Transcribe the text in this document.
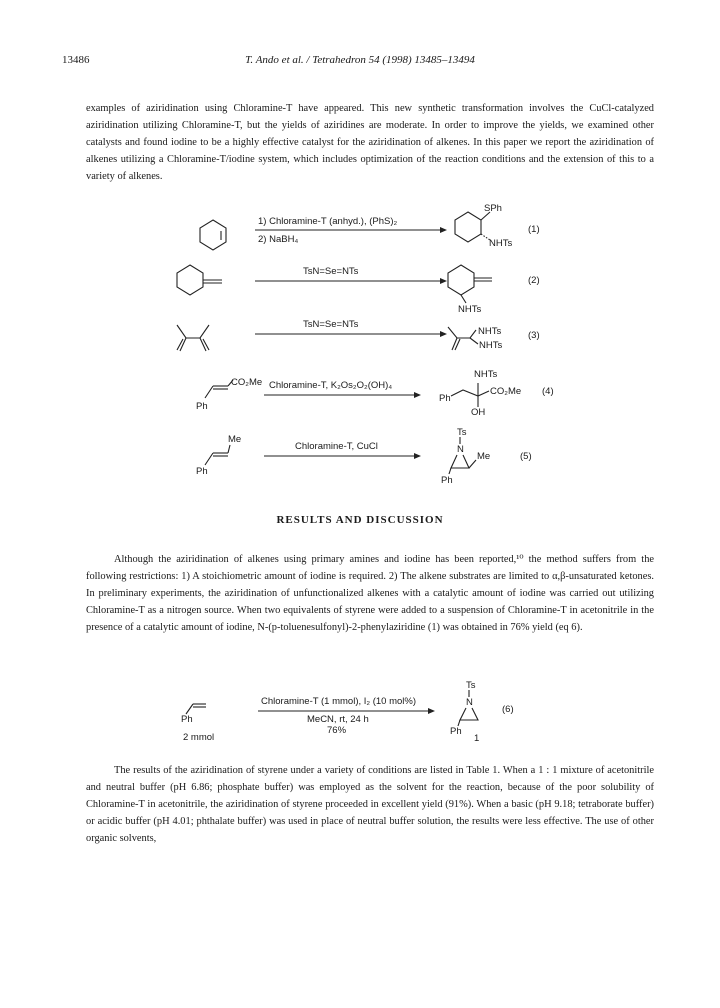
13486	T. Ando et al. / Tetrahedron 54 (1998) 13485–13494

examples of aziridination using Chloramine-T have appeared. This new synthetic transformation involves the CuCl-catalyzed aziridination utilizing Chloramine-T, but the yields of aziridines are moderate. In order to improve the yields, we examined other catalysts and found iodine to be a highly effective catalyst for the aziridination of alkenes. In this paper we report the aziridination of alkenes utilizing a Chloramine-T/iodine system, which includes optimization of the reaction conditions and the extension of this to a variety of alkenes.

1) Chloramine-T (anhyd.), (PhS)₂
2) NaBH₄
SPh
NHTs
(1)
TsN=Se=NTs
NHTs
(2)
TsN=Se=NTs
NHTs
NHTs
(3)
CO₂Me
Ph
Chloramine-T, K₂Os₂O₂(OH)₄
NHTs
Ph
CO₂Me
OH
(4)
Me
Ph
Chloramine-T, CuCl
Ts
N
Me
Ph
(5)
Ph
2 mmol
Chloramine-T (1 mmol), I₂ (10 mol%)
MeCN, rt, 24 h
76%
Ts
N
Ph
1
(6)
RESULTS AND DISCUSSION

Although the aziridination of alkenes using primary amines and iodine has been reported,¹⁰ the method suffers from the following restrictions: 1) A stoichiometric amount of iodine is required. 2) The alkene substrates are limited to α,β-unsaturated ketones. In preliminary experiments, the aziridination of unfunctionalized alkenes with a catalytic amount of iodine was carried out utilizing Chloramine-T as a nitrogen source. When two equivalents of styrene were added to a suspension of Chloramine-T in acetonitrile in the presence of a catalytic amount of iodine, N-(p-toluenesulfonyl)-2-phenylaziridine (1) was obtained in 76% yield (eq 6).

The results of the aziridination of styrene under a variety of conditions are listed in Table 1. When a 1 : 1 mixture of acetonitrile and neutral buffer (pH 6.86; phosphate buffer) was employed as the solvent for the reaction, because of the poor solubility of Chloramine-T in acetonitrile, the aziridination of styrene proceeded in excellent yield (91%). When a basic (pH 9.18; tetraborate buffer) or acidic buffer (pH 4.01; phthalate buffer) was used in place of neutral buffer solution, the results were less effective. The use of other organic solvents,
